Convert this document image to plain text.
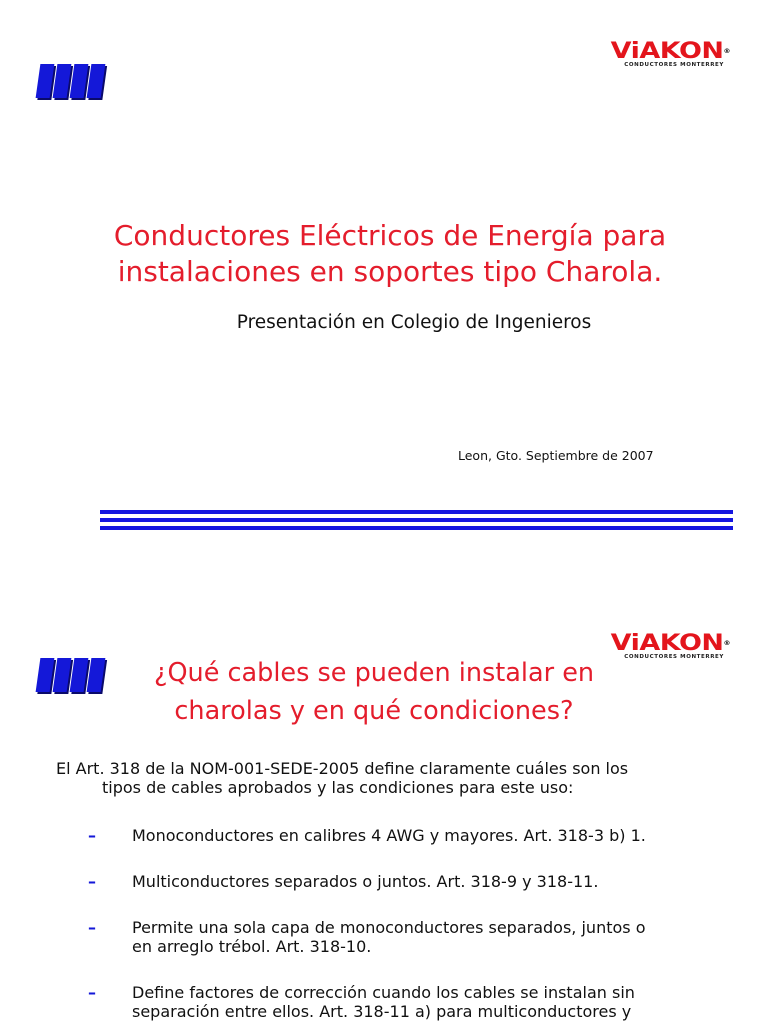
ViAKON®
CONDUCTORES MONTERREY
Conductores Eléctricos de Energía para
instalaciones en soportes tipo Charola.
Presentación en Colegio de Ingenieros
Leon, Gto. Septiembre de 2007
ViAKON®
CONDUCTORES MONTERREY
¿Qué cables se pueden instalar en
charolas y en qué condiciones?
El Art. 318 de la NOM-001-SEDE-2005 define claramente cuáles son los
tipos de cables aprobados y las condiciones para este uso:
– Monoconductores en calibres 4 AWG y mayores. Art. 318-3 b) 1.
– Multiconductores separados o juntos. Art. 318-9 y 318-11.
– Permite una sola capa de monoconductores separados, juntos o
en arreglo trébol. Art. 318-10.
– Define factores de corrección cuando los cables se instalan sin
separación entre ellos. Art. 318-11 a) para multiconductores y
